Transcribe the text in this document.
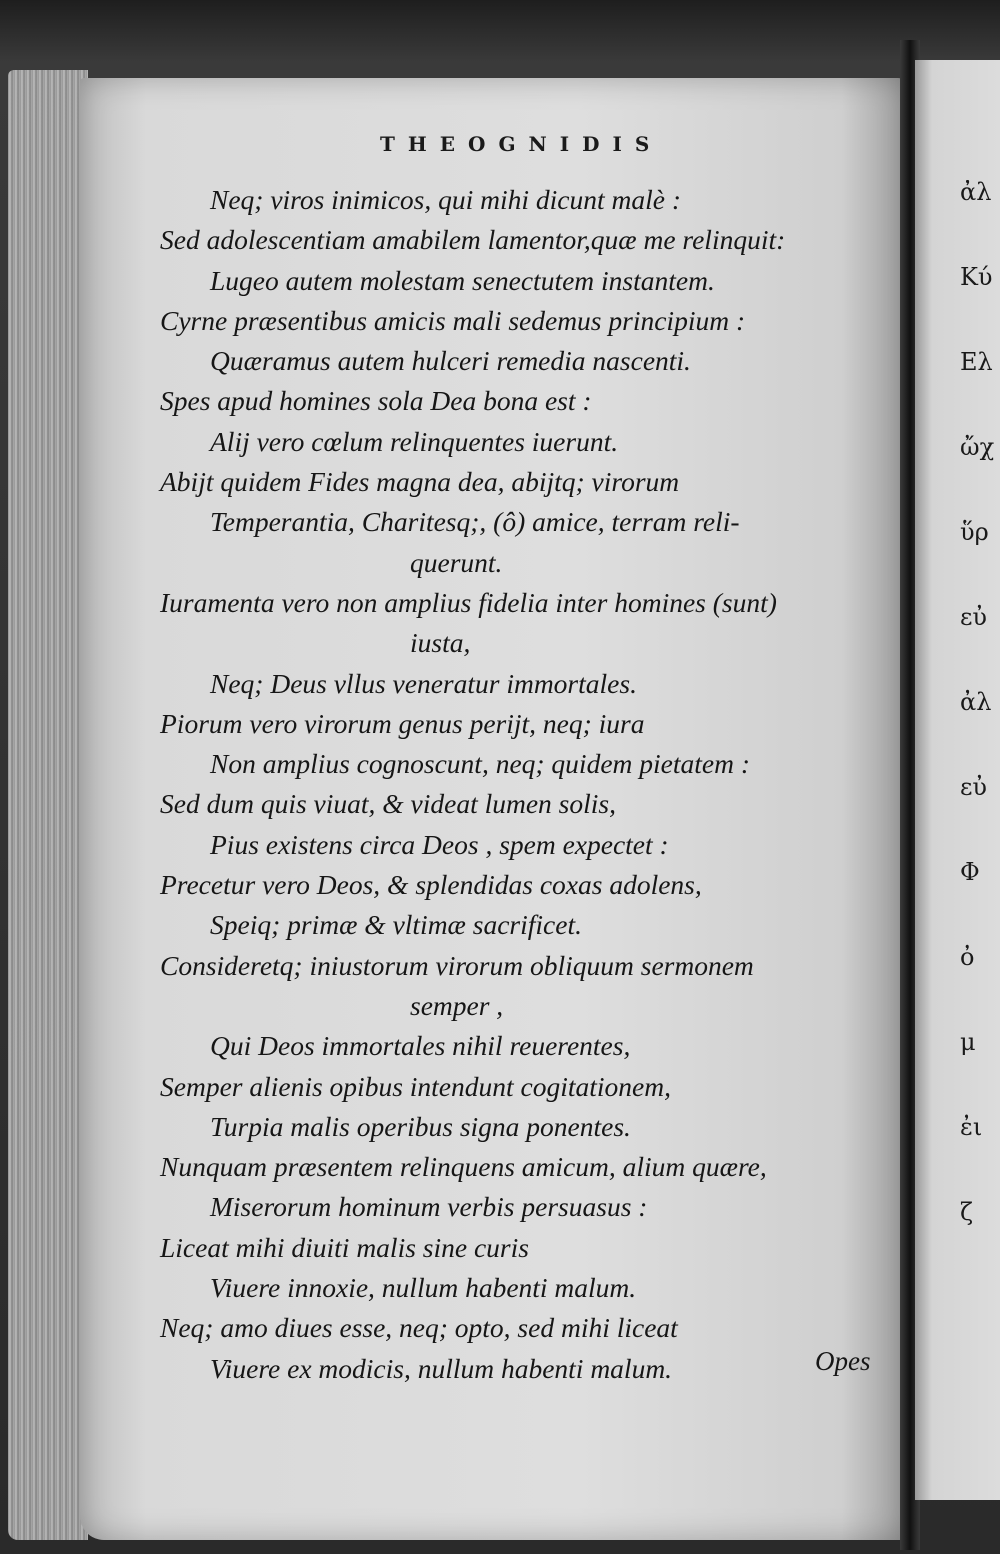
THEOGNIDIS
Neq; viros inimicos, qui mihi dicunt malè :
Sed adolescentiam amabilem lamentor,quæ me relinquit:
Lugeo autem molestam senectutem instantem.
Cyrne præsentibus amicis mali sedemus principium :
Quæramus autem hulceri remedia nascenti.
Spes apud homines sola Dea bona est :
Alij vero cœlum relinquentes iuerunt.
Abijt quidem Fides magna dea, abijtq; virorum
Temperantia, Charitesq;, (ô) amice, terram reli-
querunt.
Iuramenta vero non amplius fidelia inter homines (sunt)
iusta,
Neq; Deus vllus veneratur immortales.
Piorum vero virorum genus perijt, neq; iura
Non amplius cognoscunt, neq; quidem pietatem :
Sed dum quis viuat, & videat lumen solis,
Pius existens circa Deos , spem expectet :
Precetur vero Deos, & splendidas coxas adolens,
Speiq; primæ & vltimæ sacrificet.
Consideretq; iniustorum virorum obliquum sermonem
semper ,
Qui Deos immortales nihil reuerentes,
Semper alienis opibus intendunt cogitationem,
Turpia malis operibus signa ponentes.
Nunquam præsentem relinquens amicum, alium quære,
Miserorum hominum verbis persuasus :
Liceat mihi diuiti malis sine curis
Viuere innoxie, nullum habenti malum.
Neq; amo diues esse, neq; opto, sed mihi liceat
Viuere ex modicis, nullum habenti malum.	Opes
ἀλ
Κύ
Ελ
ὤχ
ὕρ
εὐ
ἀλ
εὐ
Φ
ὀ
μ
ἐι
ζ
